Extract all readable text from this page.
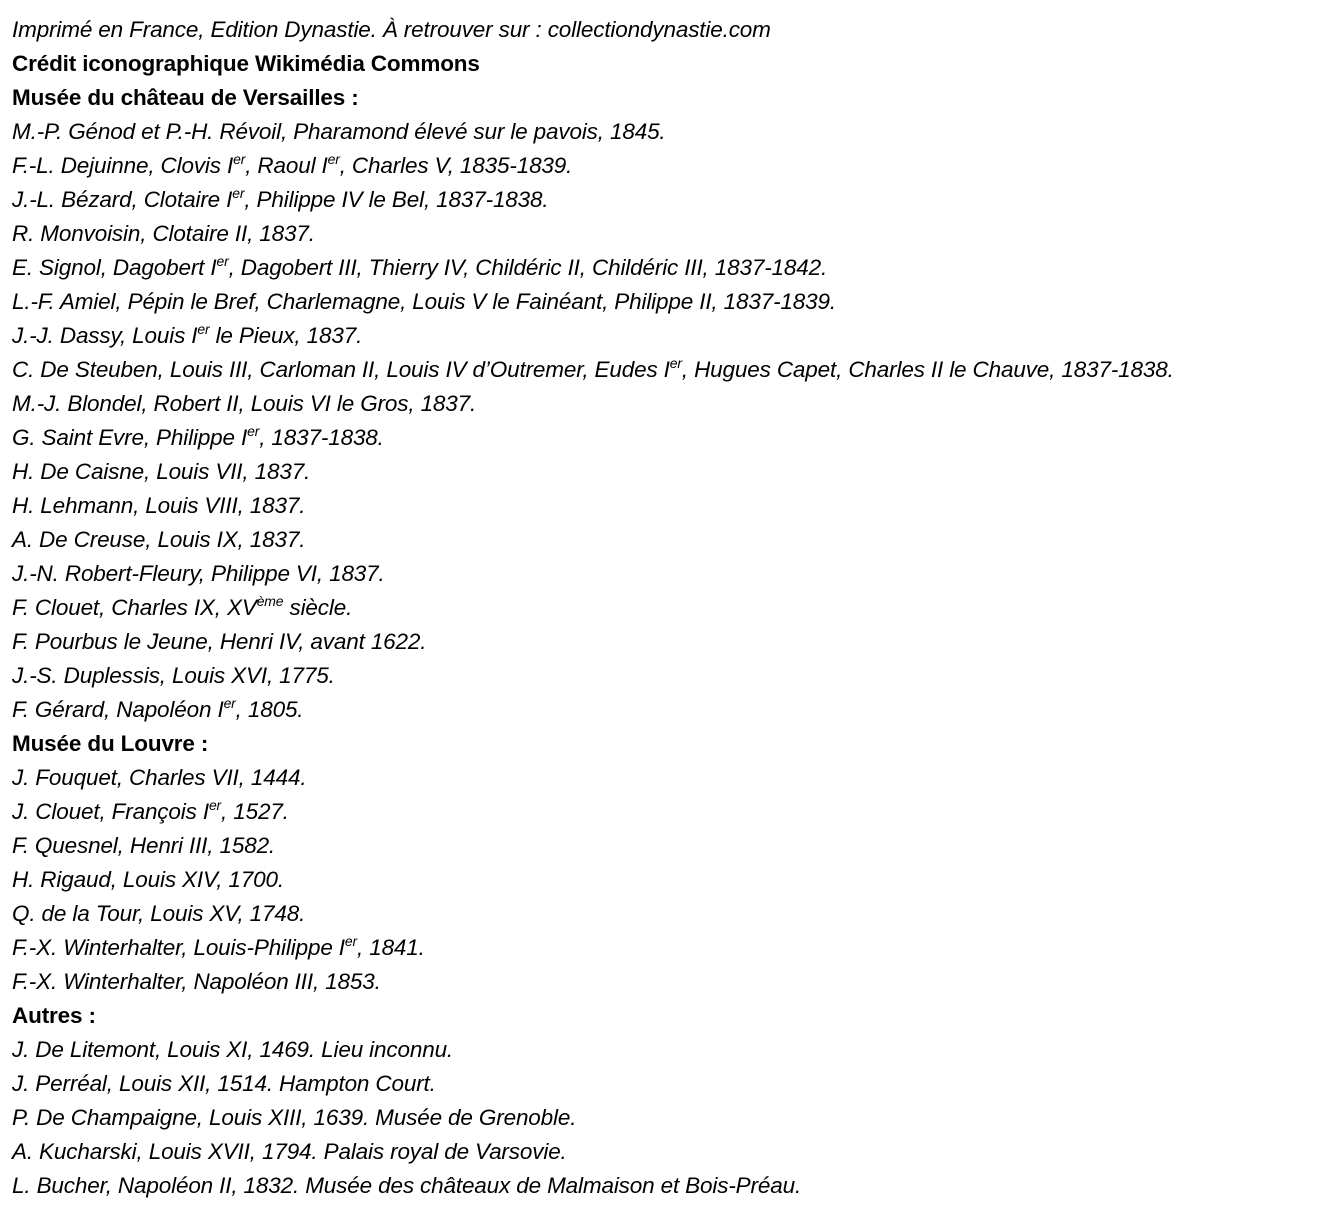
Imprimé en France, Edition Dynastie. À retrouver sur : collectiondynastie.com
Crédit iconographique Wikimédia Commons
Musée du château de Versailles :
M.-P. Génod et P.-H. Révoil, Pharamond élevé sur le pavois, 1845.
F.-L. Dejuinne, Clovis Ier, Raoul Ier, Charles V, 1835-1839.
J.-L. Bézard, Clotaire Ier, Philippe IV le Bel, 1837-1838.
R. Monvoisin, Clotaire II, 1837.
E. Signol, Dagobert Ier, Dagobert III, Thierry IV, Childéric II, Childéric III, 1837-1842.
L.-F. Amiel, Pépin le Bref, Charlemagne, Louis V le Fainéant, Philippe II, 1837-1839.
J.-J. Dassy, Louis Ier le Pieux, 1837.
C. De Steuben, Louis III, Carloman II, Louis IV d’Outremer, Eudes Ier, Hugues Capet, Charles II le Chauve, 1837-1838.
M.-J. Blondel, Robert II, Louis VI le Gros, 1837.
G. Saint Evre, Philippe Ier, 1837-1838.
H. De Caisne, Louis VII, 1837.
H. Lehmann, Louis VIII, 1837.
A. De Creuse, Louis IX, 1837.
J.-N. Robert-Fleury, Philippe VI, 1837.
F. Clouet, Charles IX, XVème siècle.
F. Pourbus le Jeune, Henri IV, avant 1622.
J.-S. Duplessis, Louis XVI, 1775.
F. Gérard, Napoléon Ier, 1805.
Musée du Louvre :
J. Fouquet, Charles VII, 1444.
J. Clouet, François Ier, 1527.
F. Quesnel, Henri III, 1582.
H. Rigaud, Louis XIV, 1700.
Q. de la Tour, Louis XV, 1748.
F.-X. Winterhalter, Louis-Philippe Ier, 1841.
F.-X. Winterhalter, Napoléon III, 1853.
Autres :
J. De Litemont, Louis XI, 1469. Lieu inconnu.
J. Perréal, Louis XII, 1514. Hampton Court.
P. De Champaigne, Louis XIII, 1639. Musée de Grenoble.
A. Kucharski, Louis XVII, 1794. Palais royal de Varsovie.
L. Bucher, Napoléon II, 1832. Musée des châteaux de Malmaison et Bois-Préau.
